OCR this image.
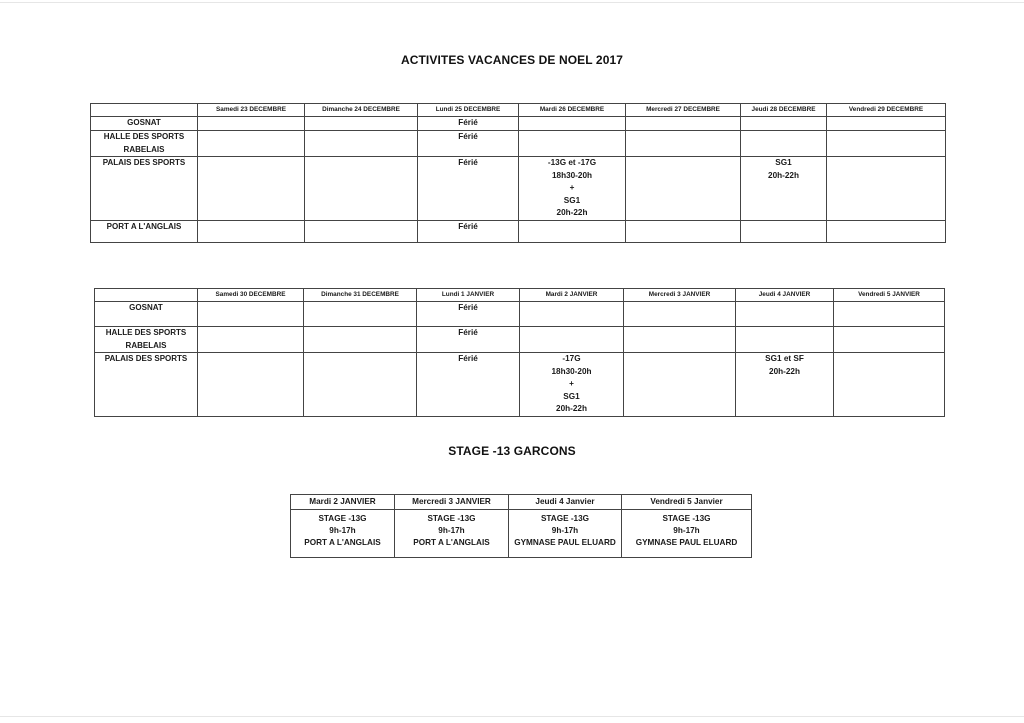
ACTIVITES VACANCES DE NOEL 2017
	Samedi 23 DECEMBRE	Dimanche 24 DECEMBRE	Lundi 25 DECEMBRE	Mardi 26 DECEMBRE	Mercredi 27 DECEMBRE	Jeudi 28 DECEMBRE	Vendredi 29 DECEMBRE

GOSNAT			Férié				

HALLE DES SPORTS
RABELAIS			Férié				

PALAIS DES SPORTS			Férié	-13G et -17G
18h30-20h
+
SG1
20h-22h		SG1
20h-22h	

PORT A L'ANGLAIS			Férié				

	Samedi 30 DECEMBRE	Dimanche 31 DECEMBRE	Lundi 1 JANVIER	Mardi 2 JANVIER	Mercredi 3 JANVIER	Jeudi 4 JANVIER	Vendredi 5 JANVIER

GOSNAT			Férié				

HALLE DES SPORTS
RABELAIS			Férié				

PALAIS DES SPORTS			Férié	-17G
18h30-20h
+
SG1
20h-22h		SG1 et SF
20h-22h	

STAGE -13 GARCONS
Mardi 2 JANVIER	Mercredi 3 JANVIER	Jeudi 4 Janvier	Vendredi 5 Janvier

STAGE -13G
9h-17h
PORT A L'ANGLAIS	STAGE -13G
9h-17h
PORT A L'ANGLAIS	STAGE -13G
9h-17h
GYMNASE PAUL ELUARD	STAGE -13G
9h-17h
GYMNASE PAUL ELUARD
